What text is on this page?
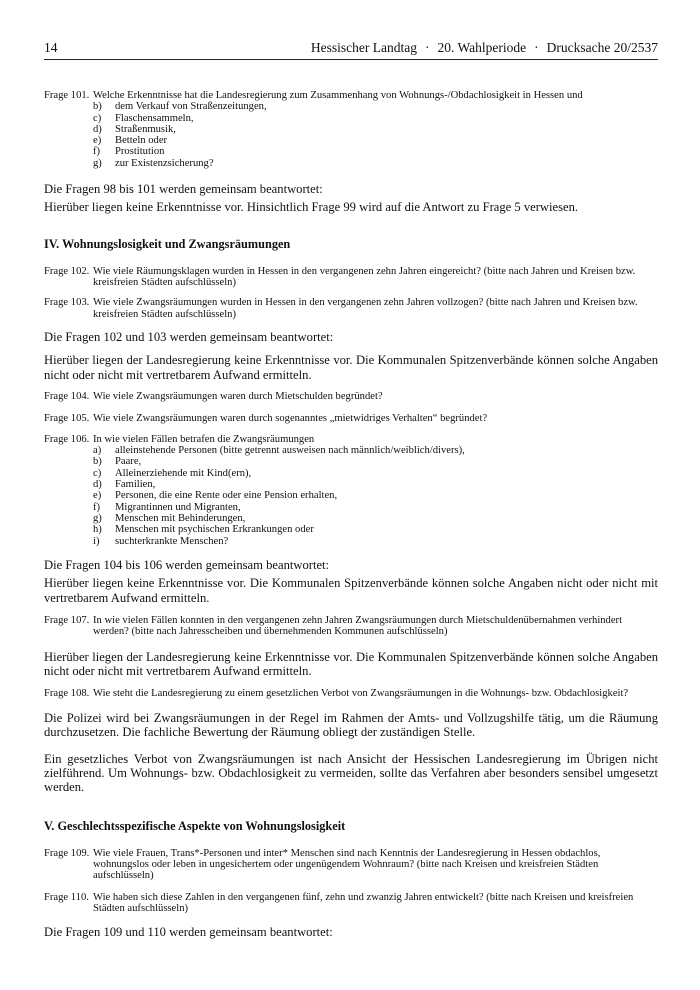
14	Hessischer Landtag · 20. Wahlperiode · Drucksache 20/2537
Frage 101. Welche Erkenntnisse hat die Landesregierung zum Zusammenhang von Wohnungs-/Obdachlosigkeit in Hessen und
b)	dem Verkauf von Straßenzeitungen,
c)	Flaschensammeln,
d)	Straßenmusik,
e)	Betteln oder
f)	Prostitution
g)	zur Existenzsicherung?

Die Fragen 98 bis 101 werden gemeinsam beantwortet:

Hierüber liegen keine Erkenntnisse vor. Hinsichtlich Frage 99 wird auf die Antwort zu Frage 5 verwiesen.

IV. Wohnungslosigkeit und Zwangsräumungen
Frage 102. Wie viele Räumungsklagen wurden in Hessen in den vergangenen zehn Jahren eingereicht? (bitte nach Jahren und Kreisen bzw. kreisfreien Städten aufschlüsseln)
Frage 103. Wie viele Zwangsräumungen wurden in Hessen in den vergangenen zehn Jahren vollzogen? (bitte nach Jahren und Kreisen bzw. kreisfreien Städten aufschlüsseln)

Die Fragen 102 und 103 werden gemeinsam beantwortet:

Hierüber liegen der Landesregierung keine Erkenntnisse vor. Die Kommunalen Spitzenverbände können solche Angaben nicht oder nicht mit vertretbarem Aufwand ermitteln.

Frage 104. Wie viele Zwangsräumungen waren durch Mietschulden begründet?
Frage 105. Wie viele Zwangsräumungen waren durch sogenanntes „mietwidriges Verhalten“ begründet?
Frage 106. In wie vielen Fällen betrafen die Zwangsräumungen
a)	alleinstehende Personen (bitte getrennt ausweisen nach männlich/weiblich/divers),
b)	Paare,
c)	Alleinerziehende mit Kind(ern),
d)	Familien,
e)	Personen, die eine Rente oder eine Pension erhalten,
f)	Migrantinnen und Migranten,
g)	Menschen mit Behinderungen,
h)	Menschen mit psychischen Erkrankungen oder
i)	suchterkrankte Menschen?

Die Fragen 104 bis 106 werden gemeinsam beantwortet:

Hierüber liegen keine Erkenntnisse vor. Die Kommunalen Spitzenverbände können solche Angaben nicht oder nicht mit vertretbarem Aufwand ermitteln.

Frage 107. In wie vielen Fällen konnten in den vergangenen zehn Jahren Zwangsräumungen durch Mietschuldenübernahmen verhindert werden? (bitte nach Jahresscheiben und übernehmenden Kommunen aufschlüsseln)

Hierüber liegen der Landesregierung keine Erkenntnisse vor. Die Kommunalen Spitzenverbände können solche Angaben nicht oder nicht mit vertretbarem Aufwand ermitteln.

Frage 108. Wie steht die Landesregierung zu einem gesetzlichen Verbot von Zwangsräumungen in die Wohnungs- bzw. Obdachlosigkeit?

Die Polizei wird bei Zwangsräumungen in der Regel im Rahmen der Amts- und Vollzugshilfe tätig, um die Räumung durchzusetzen. Die fachliche Bewertung der Räumung obliegt der zuständigen Stelle.

Ein gesetzliches Verbot von Zwangsräumungen ist nach Ansicht der Hessischen Landesregierung im Übrigen nicht zielführend. Um Wohnungs- bzw. Obdachlosigkeit zu vermeiden, sollte das Verfahren aber besonders sensibel umgesetzt werden.

V. Geschlechtsspezifische Aspekte von Wohnungslosigkeit
Frage 109. Wie viele Frauen, Trans*-Personen und inter* Menschen sind nach Kenntnis der Landesregierung in Hessen obdachlos, wohnungslos oder leben in ungesichertem oder ungenügendem Wohnraum? (bitte nach Kreisen und kreisfreien Städten aufschlüsseln)
Frage 110. Wie haben sich diese Zahlen in den vergangenen fünf, zehn und zwanzig Jahren entwickelt? (bitte nach Kreisen und kreisfreien Städten aufschlüsseln)

Die Fragen 109 und 110 werden gemeinsam beantwortet:
